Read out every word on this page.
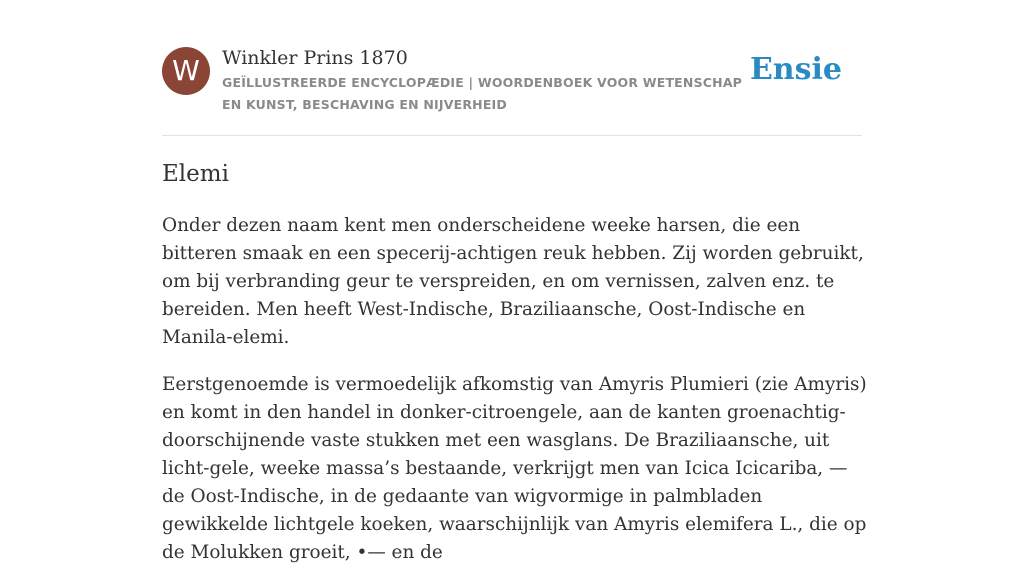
W	Winkler Prins 1870
GEÏLLUSTREERDE ENCYCLOPÆDIE | WOORDENBOEK VOOR WETENSCHAP EN KUNST, BESCHAVING EN NIJVERHEID
Ensie
Elemi

Onder dezen naam kent men onderscheidene weeke harsen, die een bitteren smaak en een specerij-achtigen reuk hebben. Zij worden gebruikt, om bij verbranding geur te verspreiden, en om vernissen, zalven enz. te bereiden. Men heeft West-Indische, Braziliaansche, Oost-Indische en Manila-elemi.

Eerstgenoemde is vermoedelijk afkomstig van Amyris Plumieri (zie Amyris) en komt in den handel in donker-citroengele, aan de kanten groenachtig-doorschijnende vaste stukken met een wasglans. De Braziliaansche, uit licht-gele, weeke massa’s bestaande, verkrijgt men van Icica Icicariba, — de Oost-Indische, in de gedaante van wigvormige in palmbladen gewikkelde lichtgele koeken, waarschijnlijk van Amyris elemifera L., die op de Molukken groeit, •— en de
